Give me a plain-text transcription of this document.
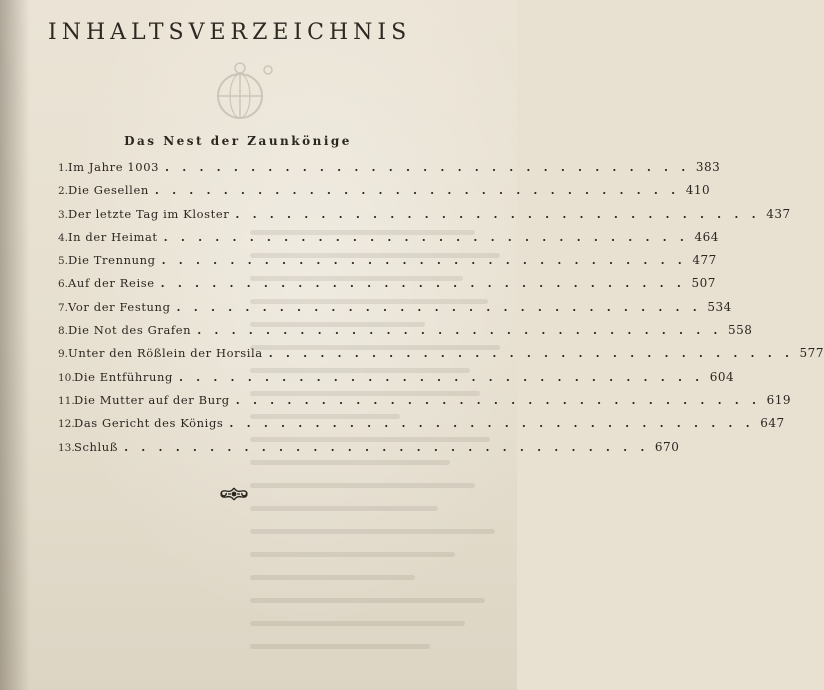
INHALTSVERZEICHNIS
Das Nest der Zaunkönige
1. Im Jahre 1003 . . . . . . . . . . . . . . . . . . . . . . . . . . . . . . . 383
2. Die Gesellen . . . . . . . . . . . . . . . . . . . . . . . . . . . . . . . 410
3. Der letzte Tag im Kloster . . . . . . . . . . . . . . . . . . . . . . . . . . . . . . . 437
4. In der Heimat . . . . . . . . . . . . . . . . . . . . . . . . . . . . . . . 464
5. Die Trennung . . . . . . . . . . . . . . . . . . . . . . . . . . . . . . . 477
6. Auf der Reise . . . . . . . . . . . . . . . . . . . . . . . . . . . . . . . 507
7. Vor der Festung . . . . . . . . . . . . . . . . . . . . . . . . . . . . . . . 534
8. Die Not des Grafen . . . . . . . . . . . . . . . . . . . . . . . . . . . . . . . 558
9. Unter den Rößlein der Horsila . . . . . . . . . . . . . . . . . . . . . . . . . . . . . . . 577
10. Die Entführung . . . . . . . . . . . . . . . . . . . . . . . . . . . . . . . 604
11. Die Mutter auf der Burg . . . . . . . . . . . . . . . . . . . . . . . . . . . . . . . 619
12. Das Gericht des Königs . . . . . . . . . . . . . . . . . . . . . . . . . . . . . . . 647
13. Schluß . . . . . . . . . . . . . . . . . . . . . . . . . . . . . . . 670
